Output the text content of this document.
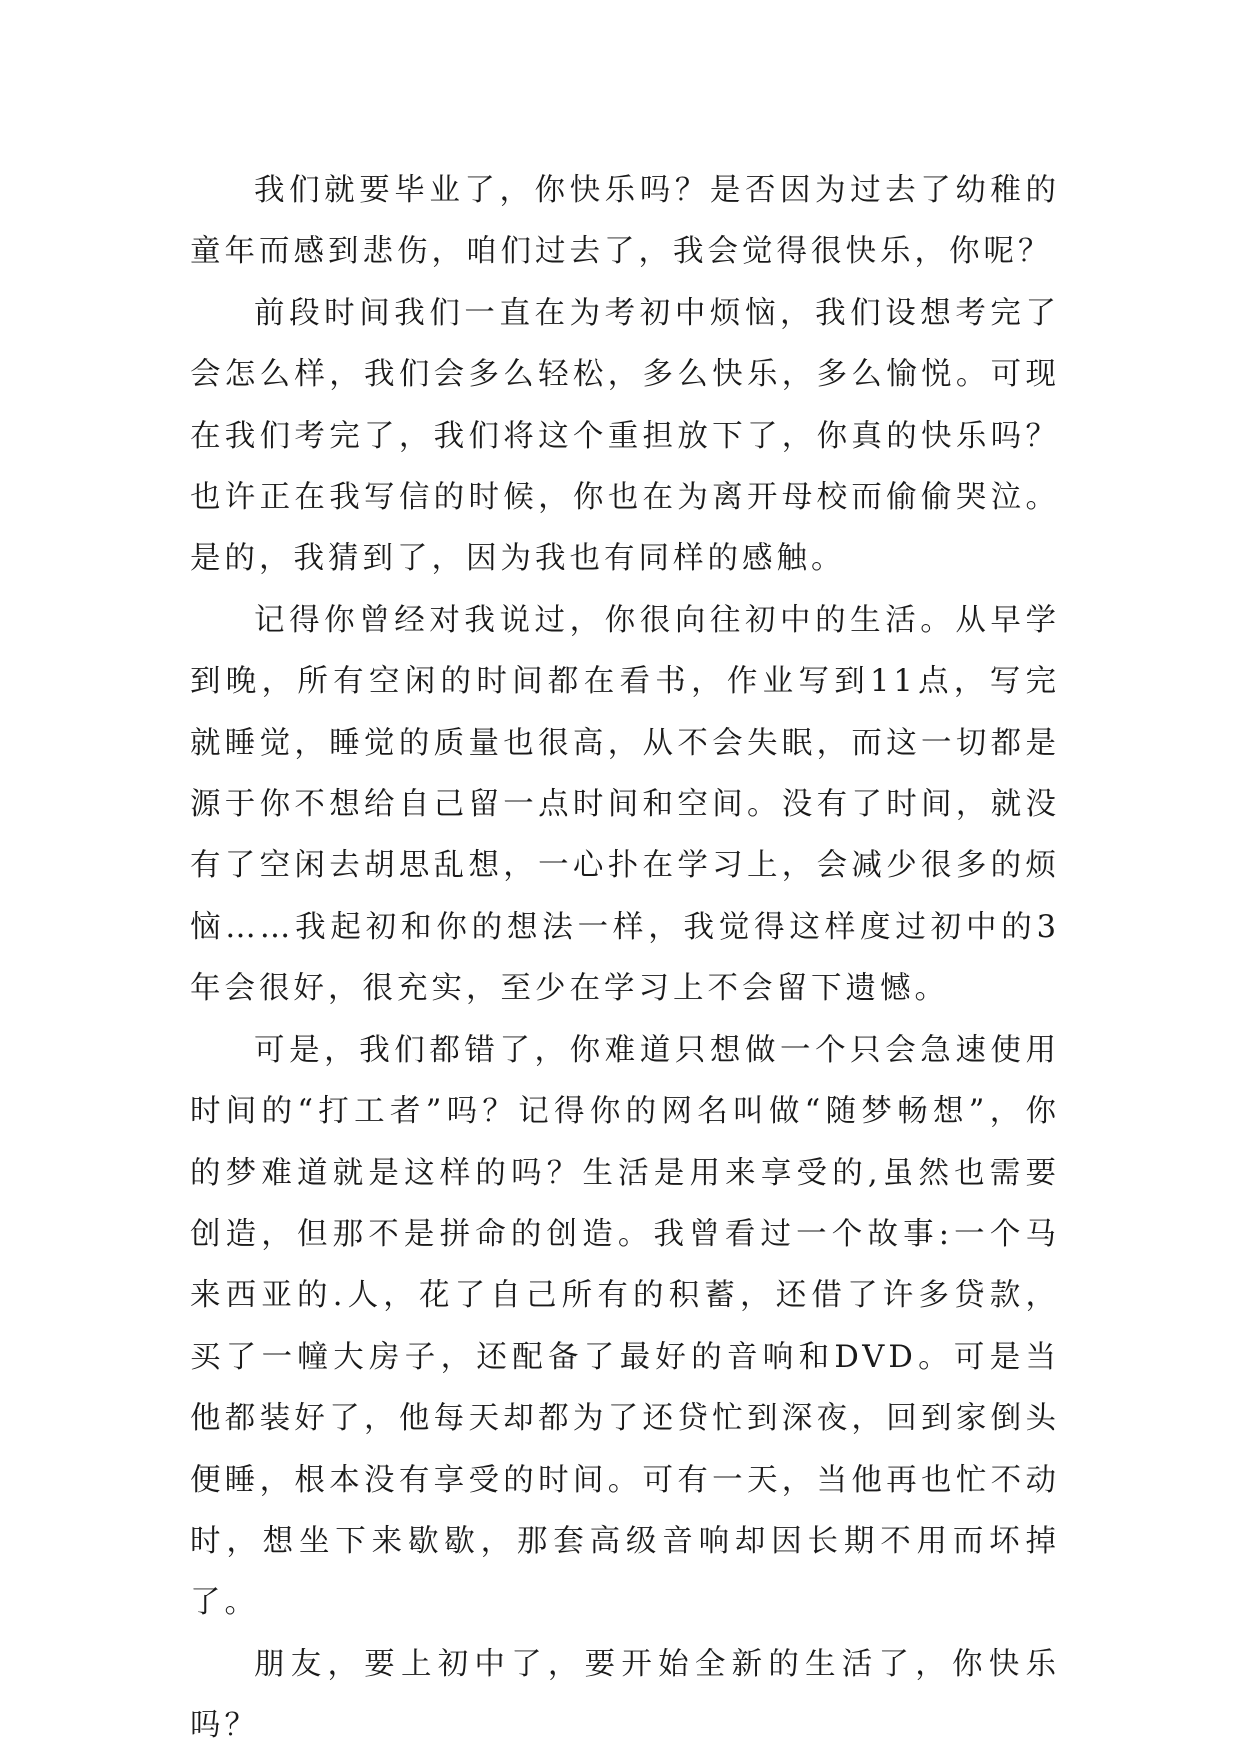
我们就要毕业了，你快乐吗？是否因为过去了幼稚的童年而感到悲伤，咱们过去了，我会觉得很快乐，你呢？

前段时间我们一直在为考初中烦恼，我们设想考完了会怎么样，我们会多么轻松，多么快乐，多么愉悦。可现在我们考完了，我们将这个重担放下了，你真的快乐吗？也许正在我写信的时候，你也在为离开母校而偷偷哭泣。是的，我猜到了，因为我也有同样的感触。

记得你曾经对我说过，你很向往初中的生活。从早学到晚，所有空闲的时间都在看书，作业写到11点，写完就睡觉，睡觉的质量也很高，从不会失眠，而这一切都是源于你不想给自己留一点时间和空间。没有了时间，就没有了空闲去胡思乱想，一心扑在学习上，会减少很多的烦恼……我起初和你的想法一样，我觉得这样度过初中的3年会很好，很充实，至少在学习上不会留下遗憾。

可是，我们都错了，你难道只想做一个只会急速使用时间的“打工者”吗？记得你的网名叫做“随梦畅想”，你的梦难道就是这样的吗？生活是用来享受的,虽然也需要创造，但那不是拼命的创造。我曾看过一个故事:一个马来西亚的.人，花了自己所有的积蓄，还借了许多贷款，买了一幢大房子，还配备了最好的音响和DVD。可是当他都装好了，他每天却都为了还贷忙到深夜，回到家倒头便睡，根本没有享受的时间。可有一天，当他再也忙不动时，想坐下来歇歇，那套高级音响却因长期不用而坏掉了。

朋友，要上初中了，要开始全新的生活了，你快乐吗？
